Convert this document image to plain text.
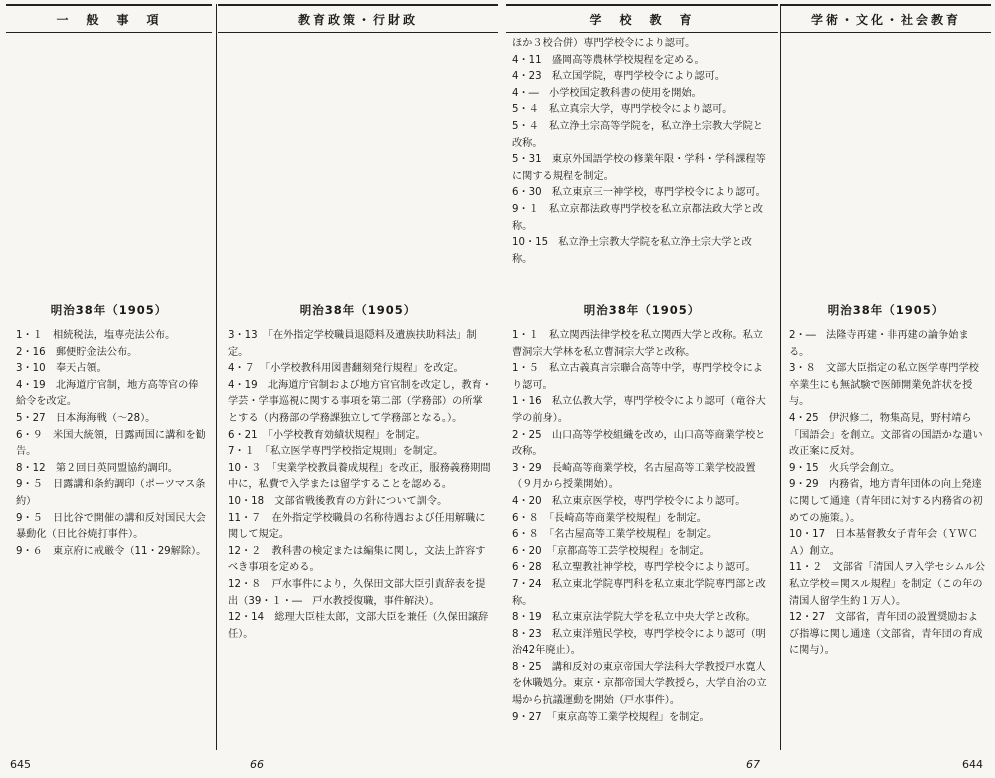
一　般　事　項
明治38年（1905）

1・１　相続税法，塩専売法公布。

2・16　郵便貯金法公布。

3・10　奉天占領。

4・19　北海道庁官制，地方高等官の俸給令を改定。

5・27　日本海海戦（～28）。

6・９　米国大統領，日露両国に講和を勧告。

8・12　第２回日英同盟協約調印。

9・５　日露講和条約調印（ポーツマス条約）

9・５　日比谷で開催の講和反対国民大会暴動化（日比谷焼打事件）。

9・６　東京府に戒厳令（11・29解除）。

教育政策・行財政
明治38年（1905）

3・13　「在外指定学校職員退隠料及遺族扶助料法」制定。

4・７　「小学校教科用図書翻刻発行規程」を改定。

4・19　北海道庁官制および地方官官制を改定し，教育・学芸・学事巡視に関する事項を第二部（学務部）の所掌とする（内務部の学務課独立して学務部となる。）。

6・21　「小学校教育効績状規程」を制定。

7・１　「私立医学専門学校指定規則」を制定。

10・３　「実業学校教員養成規程」を改正，服務義務期間中に，私費で入学または留学することを認める。

10・18　文部省戦後教育の方針について訓令。

11・７　在外指定学校職員の名称待遇および任用解職に関して規定。

12・２　教科書の検定または編集に関し，文法上許容すべき事項を定める。

12・８　戸水事件により，久保田文部大臣引責辞表を提出（39・１・―　戸水教授復職，事件解決）。

12・14　総理大臣桂太郎，文部大臣を兼任（久保田譲辞任）。

学　校　教　育

ほか３校合併）専門学校令により認可。

4・11　盛岡高等農林学校規程を定める。

4・23　私立国学院，専門学校令により認可。

4・―　小学校国定教科書の使用を開始。

5・４　私立真宗大学，専門学校令により認可。

5・４　私立浄土宗高等学院を，私立浄土宗教大学院と改称。

5・31　東京外国語学校の修業年限・学科・学科課程等に関する規程を制定。

6・30　私立東京三一神学校，専門学校令により認可。

9・１　私立京都法政専門学校を私立京都法政大学と改称。

10・15　私立浄土宗教大学院を私立浄土宗大学と改称。

明治38年（1905）

1・１　私立関西法律学校を私立関西大学と改称。私立曹洞宗大学林を私立曹洞宗大学と改称。

1・５　私立古義真言宗聯合高等中学，専門学校令により認可。

1・16　私立仏教大学，専門学校令により認可（竜谷大学の前身）。

2・25　山口高等学校組織を改め，山口高等商業学校と改称。

3・29　長崎高等商業学校，名古屋高等工業学校設置（９月から授業開始）。

4・20　私立東京医学校，専門学校令により認可。

6・８　「長崎高等商業学校規程」を制定。

6・８　「名古屋高等工業学校規程」を制定。

6・20　「京都高等工芸学校規程」を制定。

6・28　私立聖教社神学校，専門学校令により認可。

7・24　私立東北学院専門科を私立東北学院専門部と改称。

8・19　私立東京法学院大学を私立中央大学と改称。

8・23　私立東洋殖民学校，専門学校令により認可（明治42年廃止）。

8・25　講和反対の東京帝国大学法科大学教授戸水寛人を休職処分。東京・京都帝国大学教授ら，大学自治の立場から抗議運動を開始（戸水事件）。

9・27　「東京高等工業学校規程」を制定。

学術・文化・社会教育
明治38年（1905）

2・―　法隆寺再建・非再建の論争始まる。

3・８　文部大臣指定の私立医学専門学校卒業生にも無試験で医師開業免許状を授与。

4・25　伊沢修二，物集高見，野村靖ら「国語会」を創立。文部省の国語かな遣い改正案に反対。

9・15　火兵学会創立。

9・29　内務省，地方青年団体の向上発達に関して通達（青年団に対する内務省の初めての施策。）。

10・17　日本基督教女子青年会（ＹＷＣＡ）創立。

11・２　文部省「清国人ヲ入学セシムル公私立学校＝関スル規程」を制定（この年の清国人留学生約１万人）。

12・27　文部省，青年団の設置奨励および指導に関し通達（文部省，青年団の育成に関与）。

645	66	67	644
